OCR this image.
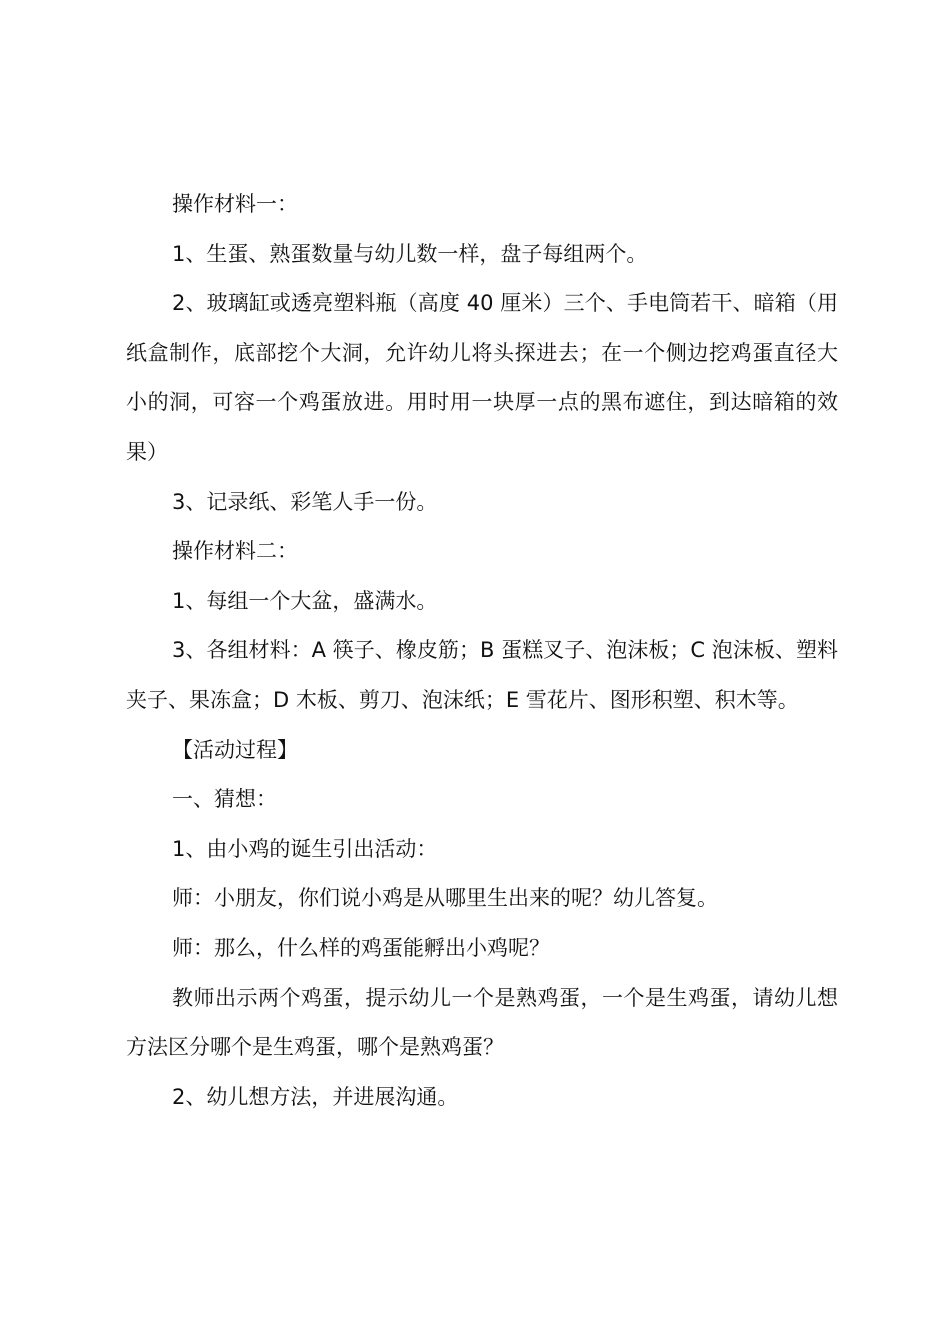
操作材料一：

1、生蛋、熟蛋数量与幼儿数一样，盘子每组两个。

2、玻璃缸或透亮塑料瓶（高度 40 厘米）三个、手电筒若干、暗箱（用纸盒制作，底部挖个大洞，允许幼儿将头探进去；在一个侧边挖鸡蛋直径大小的洞，可容一个鸡蛋放进。用时用一块厚一点的黑布遮住，到达暗箱的效果）

3、记录纸、彩笔人手一份。

操作材料二：

1、每组一个大盆，盛满水。

3、各组材料：A 筷子、橡皮筋；B 蛋糕叉子、泡沫板；C 泡沫板、塑料夹子、果冻盒；D 木板、剪刀、泡沫纸；E 雪花片、图形积塑、积木等。

【活动过程】

一、猜想：

1、由小鸡的诞生引出活动：

师：小朋友，你们说小鸡是从哪里生出来的呢？幼儿答复。

师：那么，什么样的鸡蛋能孵出小鸡呢？

教师出示两个鸡蛋，提示幼儿一个是熟鸡蛋，一个是生鸡蛋，请幼儿想方法区分哪个是生鸡蛋，哪个是熟鸡蛋？

2、幼儿想方法，并进展沟通。
